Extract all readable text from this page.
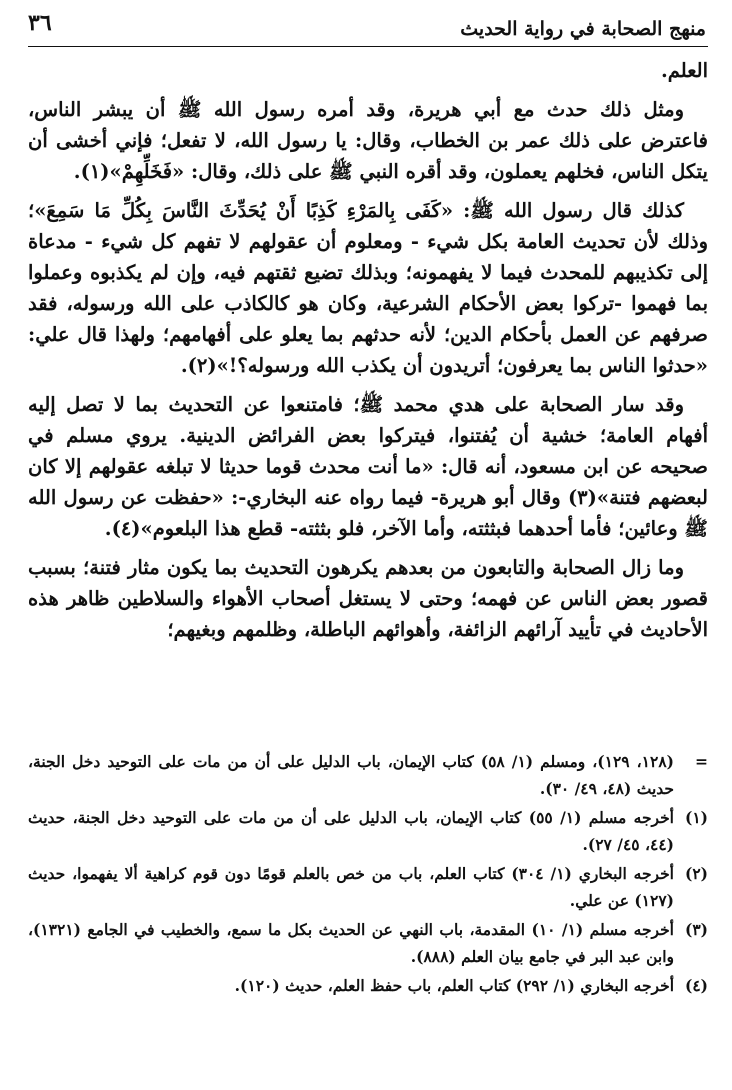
منهج الصحابة في رواية الحديث
٣٦

العلم.

ومثل ذلك حدث مع أبي هريرة، وقد أمره رسول الله ﷺ أن يبشر الناس، فاعترض على ذلك عمر بن الخطاب، وقال: يا رسول الله، لا تفعل؛ فإني أخشى أن يتكل الناس، فخلهم يعملون، وقد أقره النبي ﷺ على ذلك، وقال: «فَخَلِّهِمْ»(١).

كذلك قال رسول الله ﷺ: «كَفَى بِالمَرْءِ كَذِبًا أَنْ يُحَدِّثَ النَّاسَ بِكُلِّ مَا سَمِعَ»؛ وذلك لأن تحديث العامة بكل شيء - ومعلوم أن عقولهم لا تفهم كل شيء - مدعاة إلى تكذيبهم للمحدث فيما لا يفهمونه؛ وبذلك تضيع ثقتهم فيه، وإن لم يكذبوه وعملوا بما فهموا -تركوا بعض الأحكام الشرعية، وكان هو كالكاذب على الله ورسوله، فقد صرفهم عن العمل بأحكام الدين؛ لأنه حدثهم بما يعلو على أفهامهم؛ ولهذا قال علي: «حدثوا الناس بما يعرفون؛ أتريدون أن يكذب الله ورسوله؟!»(٢).

وقد سار الصحابة على هدي محمد ﷺ؛ فامتنعوا عن التحديث بما لا تصل إليه أفهام العامة؛ خشية أن يُفتنوا، فيتركوا بعض الفرائض الدينية. يروي مسلم في صحيحه عن ابن مسعود، أنه قال: «ما أنت محدث قوما حديثا لا تبلغه عقولهم إلا كان لبعضهم فتنة»(٣) وقال أبو هريرة- فيما رواه عنه البخاري-: «حفظت عن رسول الله ﷺ وعائين؛ فأما أحدهما فبثثته، وأما الآخر، فلو بثثته- قطع هذا البلعوم»(٤).

وما زال الصحابة والتابعون من بعدهم يكرهون التحديث بما يكون مثار فتنة؛ بسبب قصور بعض الناس عن فهمه؛ وحتى لا يستغل أصحاب الأهواء والسلاطين ظاهر هذه الأحاديث في تأييد آرائهم الزائفة، وأهوائهم الباطلة، وظلمهم وبغيهم؛

=
(١٢٨، ١٢٩)، ومسلم (١/ ٥٨) كتاب الإيمان، باب الدليل على أن من مات على التوحيد دخل الجنة، حديث (٤٨، ٤٩/ ٣٠).
(١)
أخرجه مسلم (١/ ٥٥) كتاب الإيمان، باب الدليل على أن من مات على التوحيد دخل الجنة، حديث (٤٤، ٤٥/ ٢٧).
(٢)
أخرجه البخاري (١/ ٣٠٤) كتاب العلم، باب من خص بالعلم قومًا دون قوم كراهية ألا يفهموا، حديث (١٢٧) عن علي.
(٣)
أخرجه مسلم (١/ ١٠) المقدمة، باب النهي عن الحديث بكل ما سمع، والخطيب في الجامع (١٣٢١)، وابن عبد البر في جامع بيان العلم (٨٨٨).
(٤)
أخرجه البخاري (١/ ٢٩٢) كتاب العلم، باب حفظ العلم، حديث (١٢٠).
